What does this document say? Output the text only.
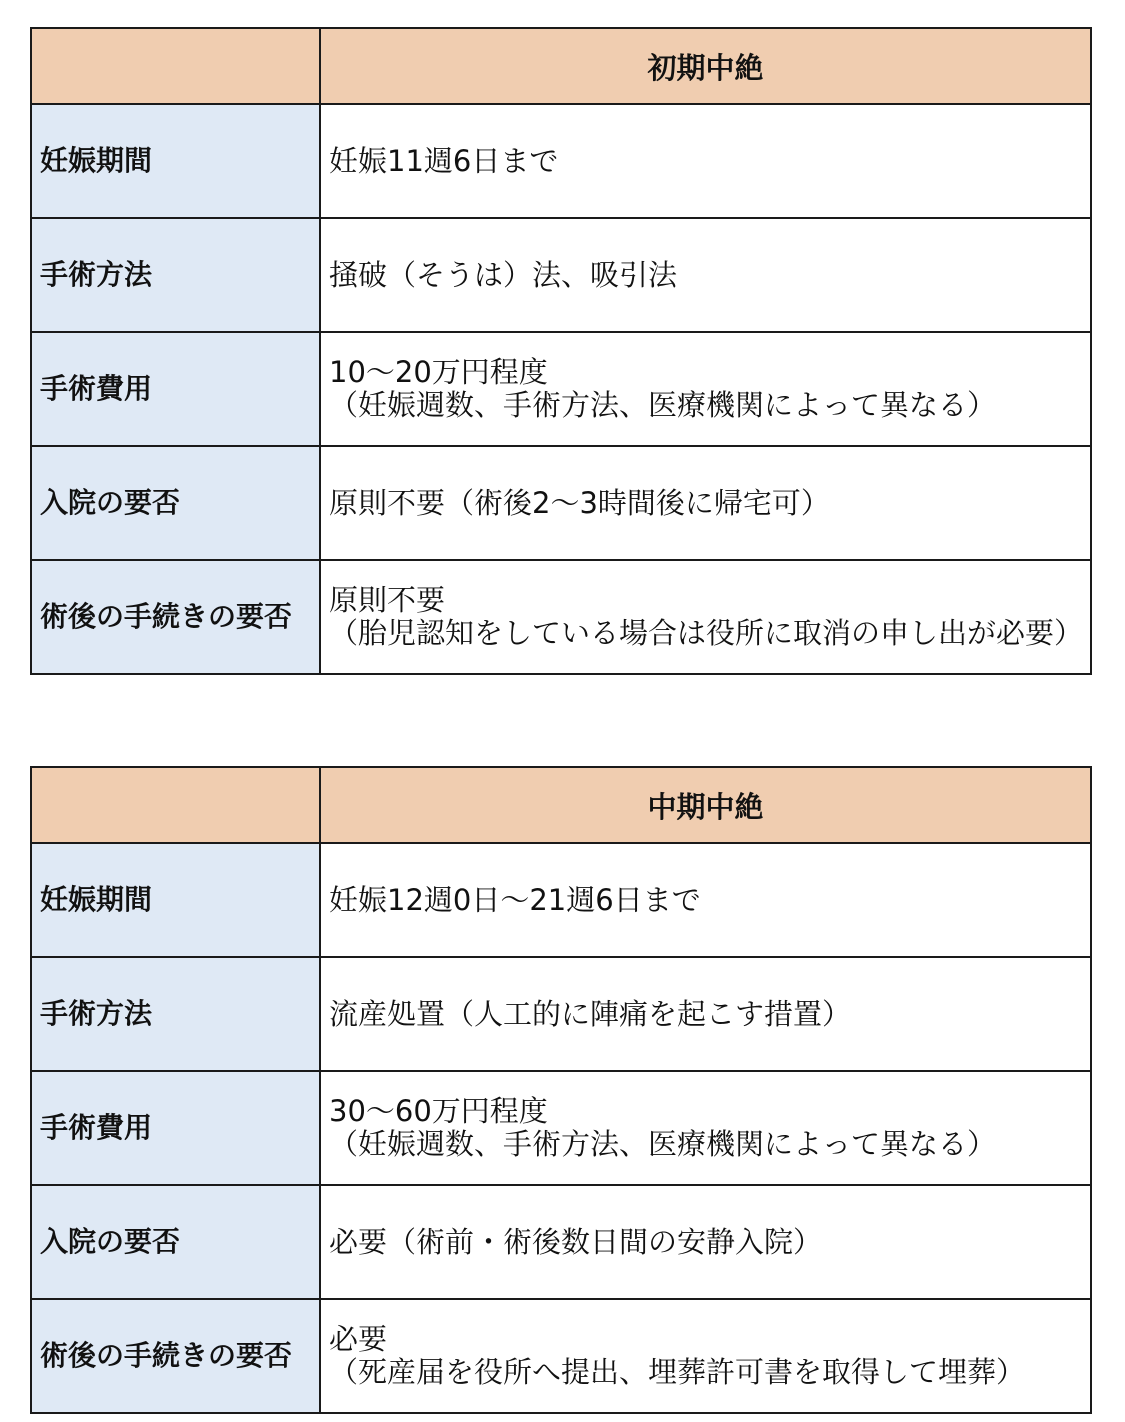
	初期中絶
妊娠期間	妊娠11週6日まで

手術方法	掻破（そうは）法、吸引法

手術費用	10～20万円程度
（妊娠週数、手術方法、医療機関によって異なる）

入院の要否	原則不要（術後2～3時間後に帰宅可）

術後の手続きの要否	原則不要
（胎児認知をしている場合は役所に取消の申し出が必要）
	中期中絶
妊娠期間	妊娠12週0日～21週6日まで

手術方法	流産処置（人工的に陣痛を起こす措置）

手術費用	30～60万円程度
（妊娠週数、手術方法、医療機関によって異なる）

入院の要否	必要（術前・術後数日間の安静入院）

術後の手続きの要否	必要
（死産届を役所へ提出、埋葬許可書を取得して埋葬）
